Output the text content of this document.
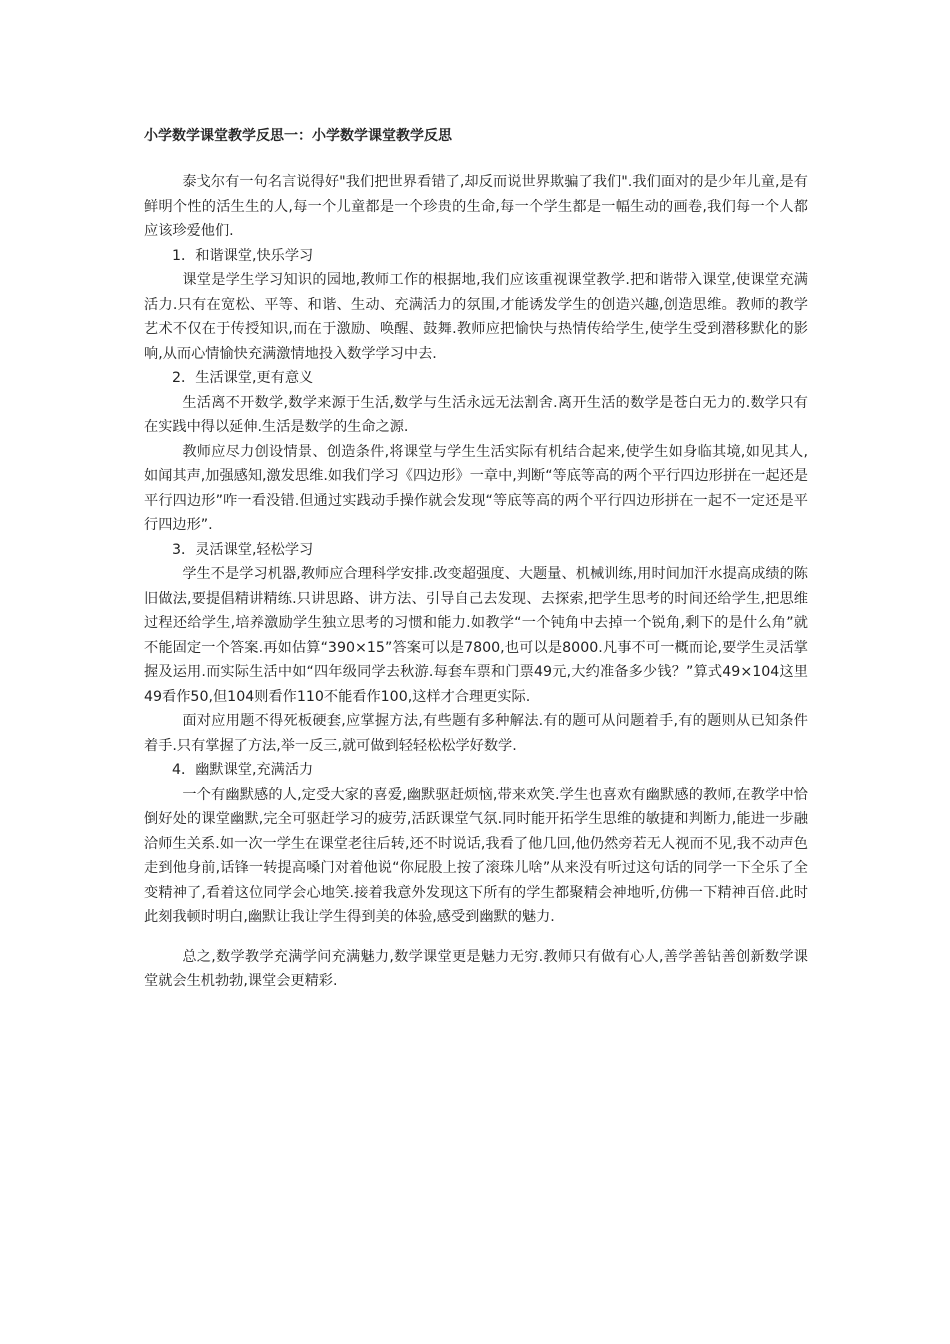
小学数学课堂教学反思一：小学数学课堂教学反思

泰戈尔有一句名言说得好"我们把世界看错了,却反而说世界欺骗了我们".我们面对的是少年儿童,是有鲜明个性的活生生的人,每一个儿童都是一个珍贵的生命,每一个学生都是一幅生动的画卷,我们每一个人都应该珍爱他们.

1．和谐课堂,快乐学习

课堂是学生学习知识的园地,教师工作的根据地,我们应该重视课堂教学.把和谐带入课堂,使课堂充满活力.只有在宽松、平等、和谐、生动、充满活力的氛围,才能诱发学生的创造兴趣,创造思维。教师的教学艺术不仅在于传授知识,而在于激励、唤醒、鼓舞.教师应把愉快与热情传给学生,使学生受到潜移默化的影响,从而心情愉快充满激情地投入数学学习中去.

2．生活课堂,更有意义

生活离不开数学,数学来源于生活,数学与生活永远无法割舍.离开生活的数学是苍白无力的.数学只有在实践中得以延伸.生活是数学的生命之源.

教师应尽力创设情景、创造条件,将课堂与学生生活实际有机结合起来,使学生如身临其境,如见其人,如闻其声,加强感知,激发思维.如我们学习《四边形》一章中,判断“等底等高的两个平行四边形拼在一起还是平行四边形”咋一看没错.但通过实践动手操作就会发现“等底等高的两个平行四边形拼在一起不一定还是平行四边形”.

3．灵活课堂,轻松学习

学生不是学习机器,教师应合理科学安排.改变超强度、大题量、机械训练,用时间加汗水提高成绩的陈旧做法,要提倡精讲精练.只讲思路、讲方法、引导自己去发现、去探索,把学生思考的时间还给学生,把思维过程还给学生,培养激励学生独立思考的习惯和能力.如教学“一个钝角中去掉一个锐角,剩下的是什么角”就不能固定一个答案.再如估算“390×15”答案可以是7800,也可以是8000.凡事不可一概而论,要学生灵活掌握及运用.而实际生活中如“四年级同学去秋游.每套车票和门票49元,大约准备多少钱？”算式49×104这里49看作50,但104则看作110不能看作100,这样才合理更实际.

面对应用题不得死板硬套,应掌握方法,有些题有多种解法.有的题可从问题着手,有的题则从已知条件着手.只有掌握了方法,举一反三,就可做到轻轻松松学好数学.

4．幽默课堂,充满活力

一个有幽默感的人,定受大家的喜爱,幽默驱赶烦恼,带来欢笑.学生也喜欢有幽默感的教师,在教学中恰倒好处的课堂幽默,完全可驱赶学习的疲劳,活跃课堂气氛.同时能开拓学生思维的敏捷和判断力,能进一步融洽师生关系.如一次一学生在课堂老往后转,还不时说话,我看了他几回,他仍然旁若无人视而不见,我不动声色走到他身前,话锋一转提高嗓门对着他说“你屁股上按了滚珠儿啥”从来没有听过这句话的同学一下全乐了全变精神了,看着这位同学会心地笑.接着我意外发现这下所有的学生都聚精会神地听,仿佛一下精神百倍.此时此刻我顿时明白,幽默让我让学生得到美的体验,感受到幽默的魅力.

总之,数学教学充满学问充满魅力,数学课堂更是魅力无穷.教师只有做有心人,善学善钻善创新数学课堂就会生机勃勃,课堂会更精彩.
